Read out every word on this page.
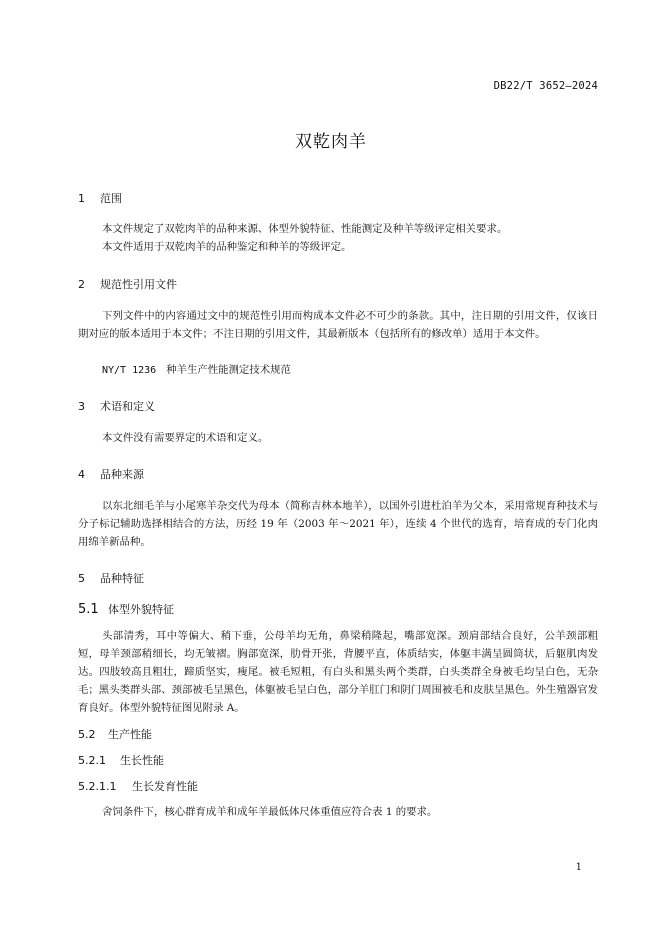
DB22/T 3652—2024
双乾肉羊
1 范围
本文件规定了双乾肉羊的品种来源、体型外貌特征、性能测定及种羊等级评定相关要求。
本文件适用于双乾肉羊的品种鉴定和种羊的等级评定。
2 规范性引用文件
下列文件中的内容通过文中的规范性引用而构成本文件必不可少的条款。其中，注日期的引用文件，仅该日期对应的版本适用于本文件；不注日期的引用文件，其最新版本（包括所有的修改单）适用于本文件。
NY/T 1236 种羊生产性能测定技术规范
3 术语和定义
本文件没有需要界定的术语和定义。
4 品种来源
以东北细毛羊与小尾寒羊杂交代为母本（简称吉林本地羊），以国外引进杜泊羊为父本，采用常规育种技术与分子标记辅助选择相结合的方法，历经 19 年（2003 年～2021 年），连续 4 个世代的选育，培育成的专门化肉用绵羊新品种。
5 品种特征
5.1 体型外貌特征
头部清秀，耳中等偏大、稍下垂，公母羊均无角，鼻梁稍隆起，嘴部宽深。颈肩部结合良好，公羊颈部粗短，母羊颈部稍细长，均无皱褶。胸部宽深，肋骨开张，背腰平直，体质结实，体躯丰满呈圆筒状，后躯肌肉发达。四肢较高且粗壮，蹄质坚实，瘦尾。被毛短粗，有白头和黑头两个类群，白头类群全身被毛均呈白色，无杂毛；黑头类群头部、颈部被毛呈黑色，体躯被毛呈白色，部分羊肛门和阴门周围被毛和皮肤呈黑色。外生殖器官发育良好。体型外貌特征图见附录 A。
5.2 生产性能
5.2.1 生长性能
5.2.1.1 生长发育性能
舍饲条件下，核心群育成羊和成年羊最低体尺体重值应符合表 1 的要求。
1
